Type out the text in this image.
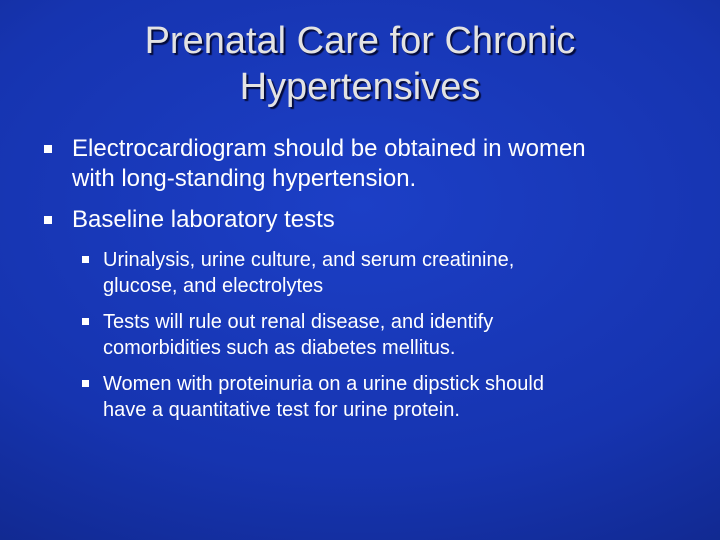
Prenatal Care for Chronic
Hypertensives
Electrocardiogram should be obtained in women
with long-standing hypertension.
Baseline laboratory tests
Urinalysis, urine culture, and serum creatinine,
glucose, and electrolytes
Tests will rule out renal disease, and identify
comorbidities such as diabetes mellitus.
Women with proteinuria on a urine dipstick should
have a quantitative test for urine protein.
